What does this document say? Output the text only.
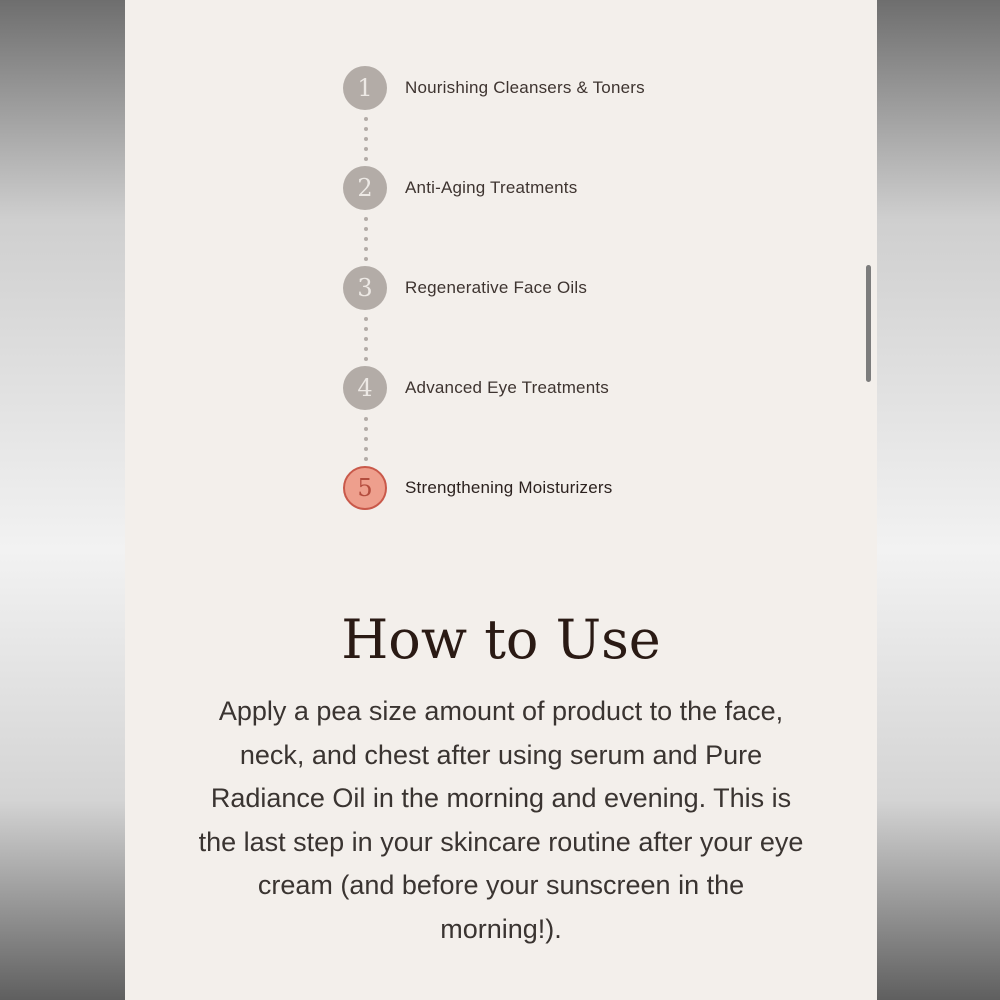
1	Nourishing Cleansers & Toners
2	Anti-Aging Treatments
3	Regenerative Face Oils
4	Advanced Eye Treatments
5	Strengthening Moisturizers
How to Use

Apply a pea size amount of product to the face, neck, and chest after using serum and Pure Radiance Oil in the morning and evening. This is the last step in your skincare routine after your eye cream (and before your sunscreen in the morning!).
